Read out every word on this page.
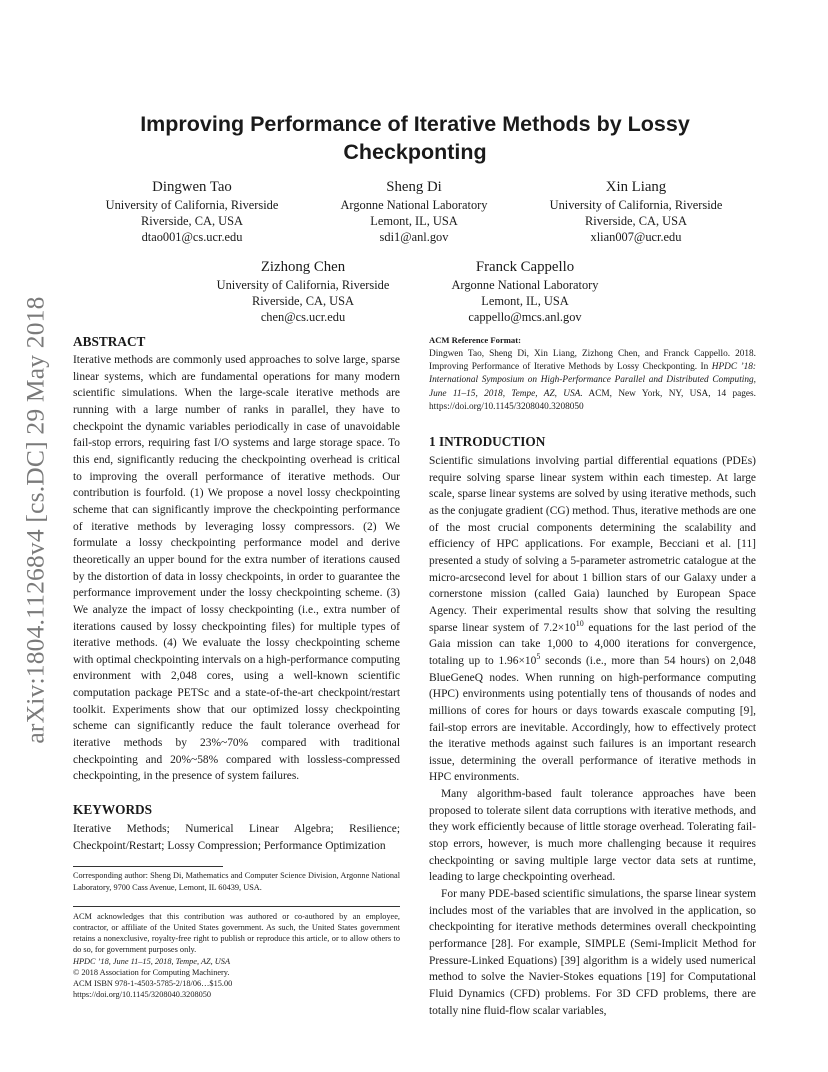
arXiv:1804.11268v4 [cs.DC] 29 May 2018
Improving Performance of Iterative Methods by Lossy Checkponting
Dingwen Tao
University of California, Riverside
Riverside, CA, USA
dtao001@cs.ucr.edu
Sheng Di
Argonne National Laboratory
Lemont, IL, USA
sdi1@anl.gov
Xin Liang
University of California, Riverside
Riverside, CA, USA
xlian007@ucr.edu
Zizhong Chen
University of California, Riverside
Riverside, CA, USA
chen@cs.ucr.edu
Franck Cappello
Argonne National Laboratory
Lemont, IL, USA
cappello@mcs.anl.gov
ABSTRACT

Iterative methods are commonly used approaches to solve large, sparse linear systems, which are fundamental operations for many modern scientific simulations. When the large-scale iterative methods are running with a large number of ranks in parallel, they have to checkpoint the dynamic variables periodically in case of unavoidable fail-stop errors, requiring fast I/O systems and large storage space. To this end, significantly reducing the checkpointing overhead is critical to improving the overall performance of iterative methods. Our contribution is fourfold. (1) We propose a novel lossy checkpointing scheme that can significantly improve the checkpointing performance of iterative methods by leveraging lossy compressors. (2) We formulate a lossy checkpointing performance model and derive theoretically an upper bound for the extra number of iterations caused by the distortion of data in lossy checkpoints, in order to guarantee the performance improvement under the lossy checkpointing scheme. (3) We analyze the impact of lossy checkpointing (i.e., extra number of iterations caused by lossy checkpointing files) for multiple types of iterative methods. (4) We evaluate the lossy checkpointing scheme with optimal checkpointing intervals on a high-performance computing environment with 2,048 cores, using a well-known scientific computation package PETSc and a state-of-the-art checkpoint/restart toolkit. Experiments show that our optimized lossy checkpointing scheme can significantly reduce the fault tolerance overhead for iterative methods by 23%~70% compared with traditional checkpointing and 20%~58% compared with lossless-compressed checkpointing, in the presence of system failures.

KEYWORDS

Iterative Methods; Numerical Linear Algebra; Resilience; Checkpoint/Restart; Lossy Compression; Performance Optimization

Corresponding author: Sheng Di, Mathematics and Computer Science Division, Argonne National Laboratory, 9700 Cass Avenue, Lemont, IL 60439, USA.

ACM acknowledges that this contribution was authored or co-authored by an employee, contractor, or affiliate of the United States government. As such, the United States government retains a nonexclusive, royalty-free right to publish or reproduce this article, or to allow others to do so, for government purposes only.

HPDC ’18, June 11–15, 2018, Tempe, AZ, USA

© 2018 Association for Computing Machinery.

ACM ISBN 978-1-4503-5785-2/18/06…$15.00

https://doi.org/10.1145/3208040.3208050

ACM Reference Format:

Dingwen Tao, Sheng Di, Xin Liang, Zizhong Chen, and Franck Cappello. 2018. Improving Performance of Iterative Methods by Lossy Checkponting. In HPDC ’18: International Symposium on High-Performance Parallel and Distributed Computing, June 11–15, 2018, Tempe, AZ, USA. ACM, New York, NY, USA, 14 pages. https://doi.org/10.1145/3208040.3208050

1 INTRODUCTION

Scientific simulations involving partial differential equations (PDEs) require solving sparse linear system within each timestep. At large scale, sparse linear systems are solved by using iterative methods, such as the conjugate gradient (CG) method. Thus, iterative methods are one of the most crucial components determining the scalability and efficiency of HPC applications. For example, Becciani et al. [11] presented a study of solving a 5-parameter astrometric catalogue at the micro-arcsecond level for about 1 billion stars of our Galaxy under a cornerstone mission (called Gaia) launched by European Space Agency. Their experimental results show that solving the resulting sparse linear system of $7.2\times 10^{10}$ equations for the last period of the Gaia mission can take 1,000 to 4,000 iterations for convergence, totaling up to $1.96\times 10^5$ seconds (i.e., more than 54 hours) on 2,048 BlueGeneQ nodes. When running on high-performance computing (HPC) environments using potentially tens of thousands of nodes and millions of cores for hours or days towards exascale computing [9], fail-stop errors are inevitable. Accordingly, how to effectively protect the iterative methods against such failures is an important research issue, determining the overall performance of iterative methods in HPC environments.

Many algorithm-based fault tolerance approaches have been proposed to tolerate silent data corruptions with iterative methods, and they work efficiently because of little storage overhead. Tolerating fail-stop errors, however, is much more challenging because it requires checkpointing or saving multiple large vector data sets at runtime, leading to large checkpointing overhead.

For many PDE-based scientific simulations, the sparse linear system includes most of the variables that are involved in the application, so checkpointing for iterative methods determines overall checkpointing performance [28]. For example, SIMPLE (Semi-Implicit Method for Pressure-Linked Equations) [39] algorithm is a widely used numerical method to solve the Navier-Stokes equations [19] for Computational Fluid Dynamics (CFD) problems. For 3D CFD problems, there are totally nine fluid-flow scalar variables,
